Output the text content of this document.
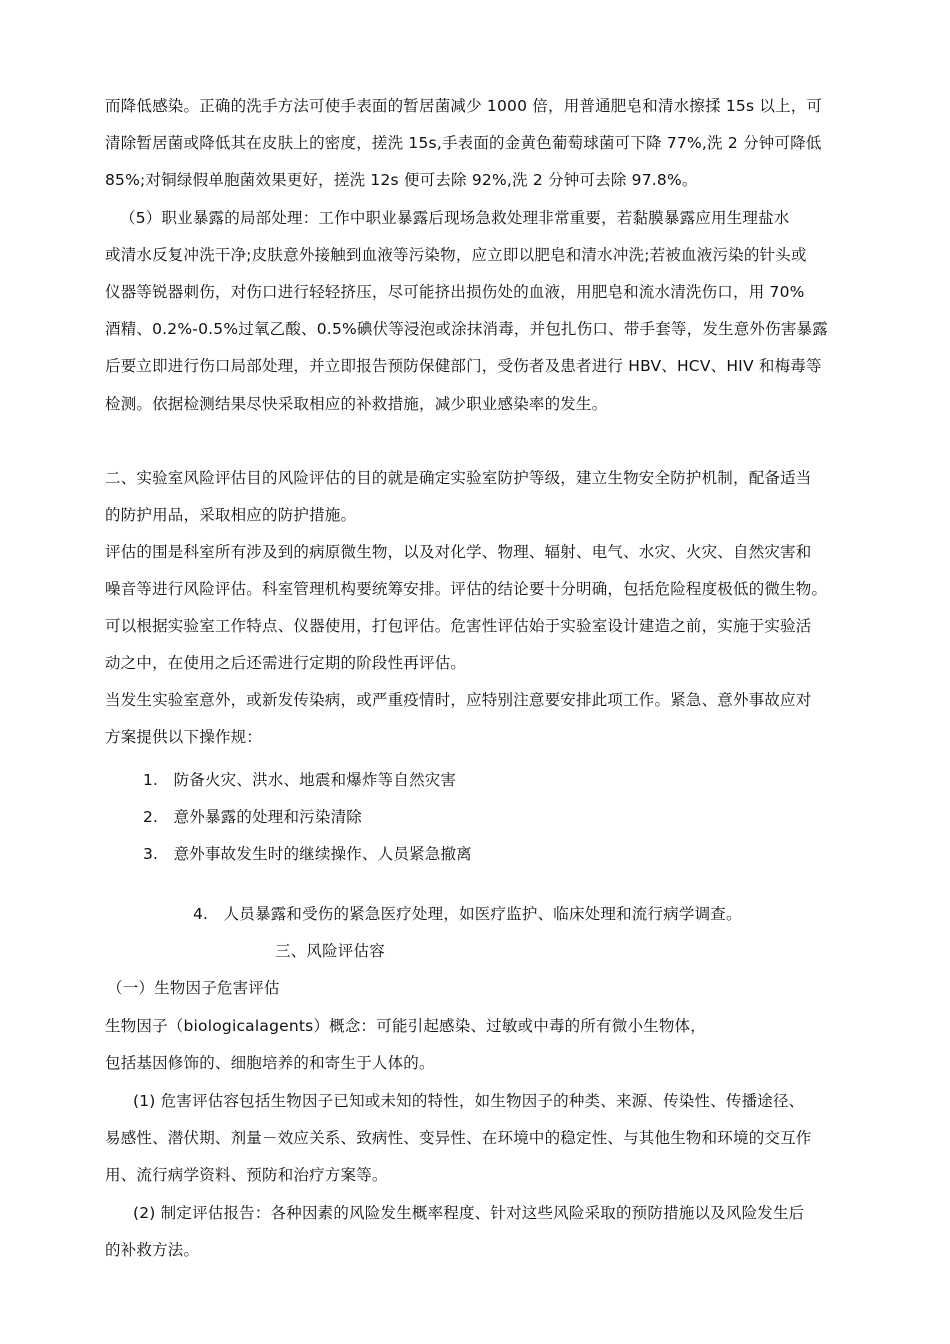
而降低感染。正确的洗手方法可使手表面的暂居菌减少 1000 倍，用普通肥皂和清水擦揉 15s 以上，可
清除暂居菌或降低其在皮肤上的密度，搓洗 15s,手表面的金黄色葡萄球菌可下降 77%,洗 2 分钟可降低
85%;对铜绿假单胞菌效果更好，搓洗 12s 便可去除 92%,洗 2 分钟可去除 97.8%。
（5）职业暴露的局部处理：工作中职业暴露后现场急救处理非常重要，若黏膜暴露应用生理盐水
或清水反复冲洗干净;皮肤意外接触到血液等污染物，应立即以肥皂和清水冲洗;若被血液污染的针头或
仪器等锐器刺伤，对伤口进行轻轻挤压，尽可能挤出损伤处的血液，用肥皂和流水清洗伤口，用 70%
酒精、0.2%-0.5%过氧乙酸、0.5%碘伏等浸泡或涂抹消毒，并包扎伤口、带手套等，发生意外伤害暴露
后要立即进行伤口局部处理，并立即报告预防保健部门，受伤者及患者进行 HBV、HCV、HIV 和梅毒等
检测。依据检测结果尽快采取相应的补救措施，减少职业感染率的发生。
二、实验室风险评估目的风险评估的目的就是确定实验室防护等级，建立生物安全防护机制，配备适当
的防护用品，采取相应的防护措施。
评估的围是科室所有涉及到的病原微生物，以及对化学、物理、辐射、电气、水灾、火灾、自然灾害和
噪音等进行风险评估。科室管理机构要统筹安排。评估的结论要十分明确，包括危险程度极低的微生物。
可以根据实验室工作特点、仪器使用，打包评估。危害性评估始于实验室设计建造之前，实施于实验活
动之中，在使用之后还需进行定期的阶段性再评估。
当发生实验室意外，或新发传染病，或严重疫情时，应特别注意要安排此项工作。紧急、意外事故应对
方案提供以下操作规：
1.   防备火灾、洪水、地震和爆炸等自然灾害
2.   意外暴露的处理和污染清除
3.   意外事故发生时的继续操作、人员紧急撤离
4.   人员暴露和受伤的紧急医疗处理，如医疗监护、临床处理和流行病学调查。
三、风险评估容
（一）生物因子危害评估
生物因子（biologicalagents）概念：可能引起感染、过敏或中毒的所有微小生物体，
包括基因修饰的、细胞培养的和寄生于人体的。
(1) 危害评估容包括生物因子已知或未知的特性，如生物因子的种类、来源、传染性、传播途径、
易感性、潜伏期、剂量－效应关系、致病性、变异性、在环境中的稳定性、与其他生物和环境的交互作
用、流行病学资料、预防和治疗方案等。
(2) 制定评估报告：各种因素的风险发生概率程度、针对这些风险采取的预防措施以及风险发生后
的补救方法。
